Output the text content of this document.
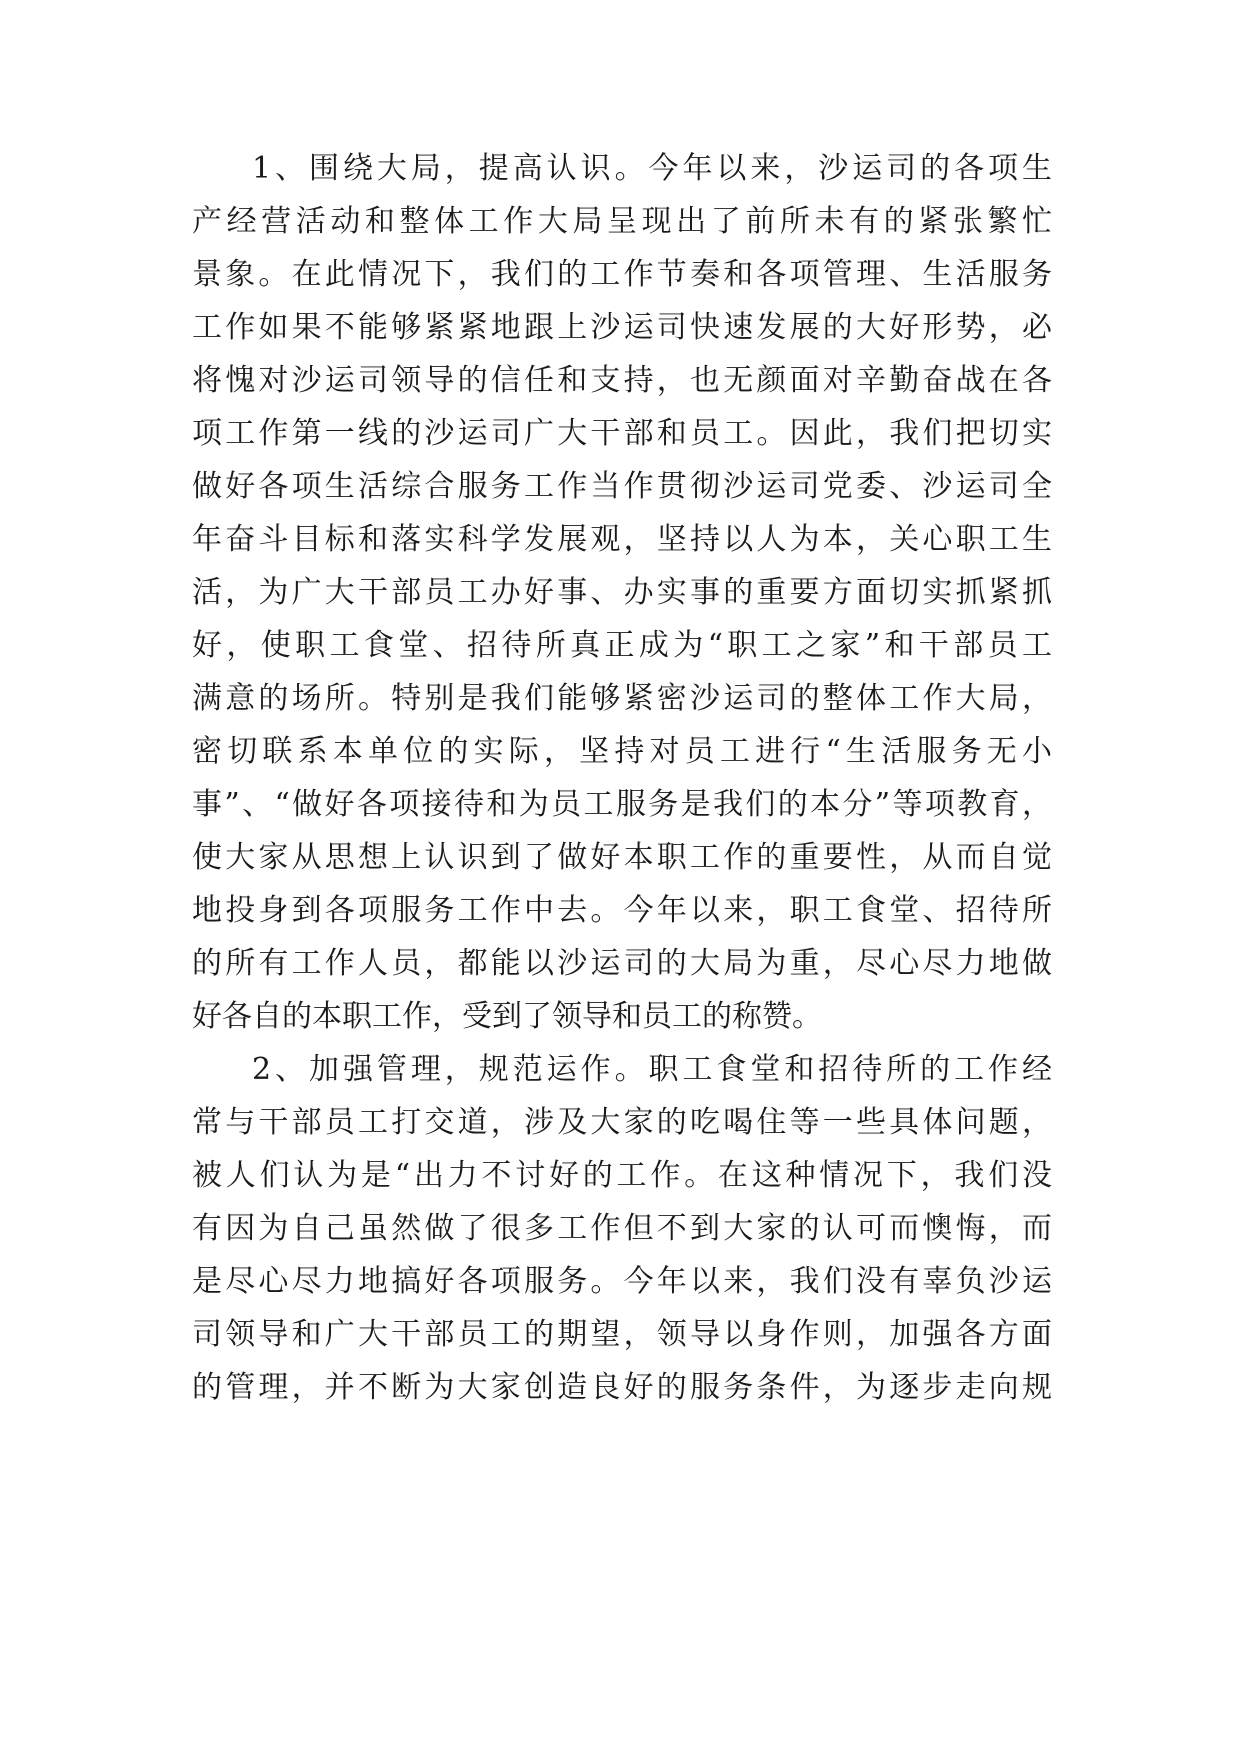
1、围绕大局，提高认识。今年以来，沙运司的各项生
产经营活动和整体工作大局呈现出了前所未有的紧张繁忙
景象。在此情况下，我们的工作节奏和各项管理、生活服务
工作如果不能够紧紧地跟上沙运司快速发展的大好形势，必
将愧对沙运司领导的信任和支持，也无颜面对辛勤奋战在各
项工作第一线的沙运司广大干部和员工。因此，我们把切实
做好各项生活综合服务工作当作贯彻沙运司党委、沙运司全
年奋斗目标和落实科学发展观，坚持以人为本，关心职工生
活，为广大干部员工办好事、办实事的重要方面切实抓紧抓
好，使职工食堂、招待所真正成为“职工之家”和干部员工
满意的场所。特别是我们能够紧密沙运司的整体工作大局，
密切联系本单位的实际，坚持对员工进行“生活服务无小
事”、“做好各项接待和为员工服务是我们的本分”等项教育，
使大家从思想上认识到了做好本职工作的重要性，从而自觉
地投身到各项服务工作中去。今年以来，职工食堂、招待所
的所有工作人员，都能以沙运司的大局为重，尽心尽力地做
好各自的本职工作，受到了领导和员工的称赞。
2、加强管理，规范运作。职工食堂和招待所的工作经
常与干部员工打交道，涉及大家的吃喝住等一些具体问题，
被人们认为是“出力不讨好的工作。在这种情况下，我们没
有因为自己虽然做了很多工作但不到大家的认可而懊悔，而
是尽心尽力地搞好各项服务。今年以来，我们没有辜负沙运
司领导和广大干部员工的期望，领导以身作则，加强各方面
的管理，并不断为大家创造良好的服务条件，为逐步走向规
